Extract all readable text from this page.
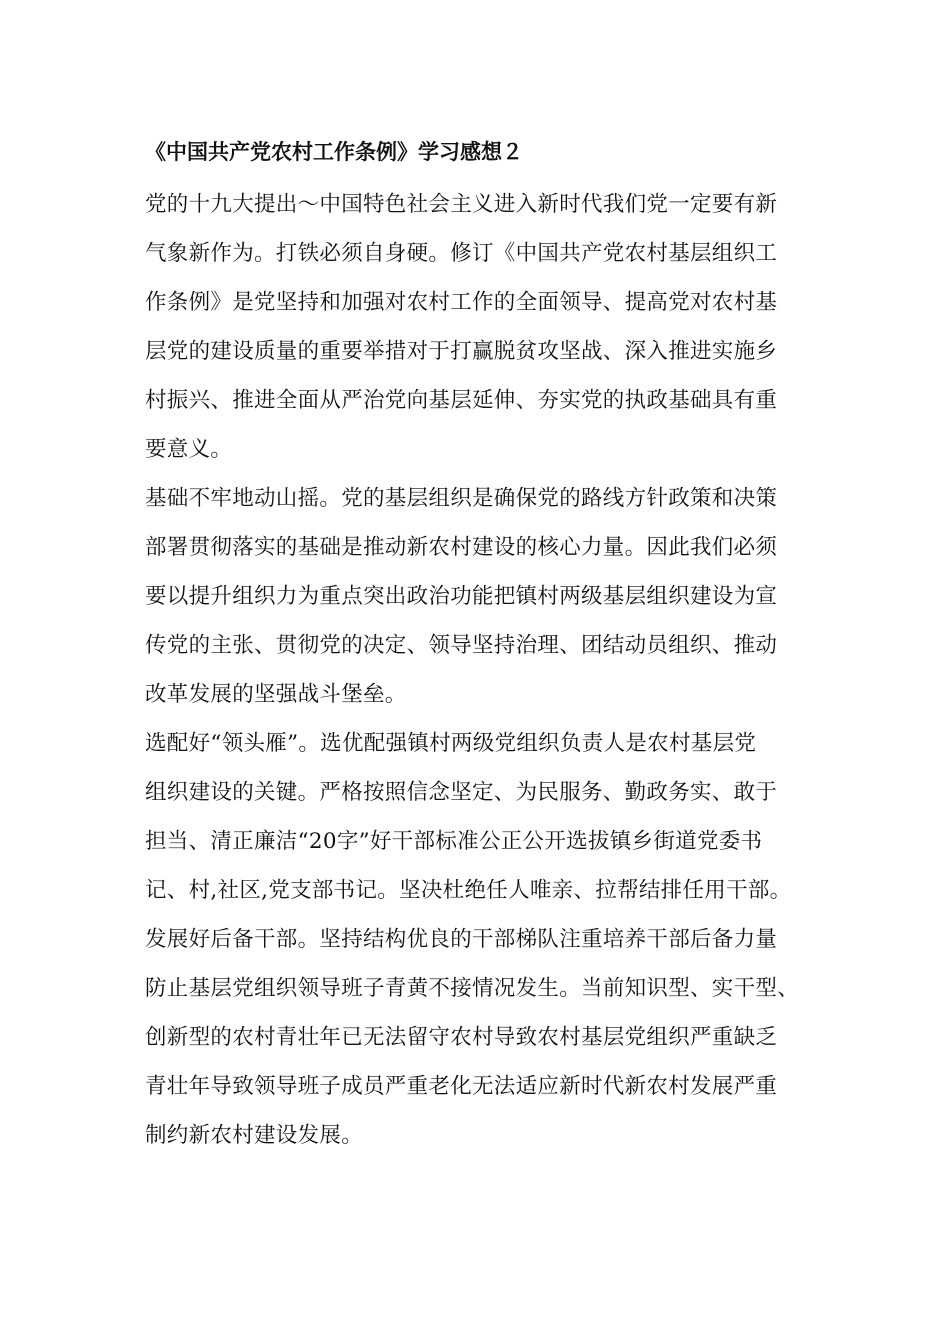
《中国共产党农村工作条例》学习感想２

党的十九大提出～中国特色社会主义进入新时代我们党一定要有新
气象新作为。打铁必须自身硬。修订《中国共产党农村基层组织工
作条例》是党坚持和加强对农村工作的全面领导、提高党对农村基
层党的建设质量的重要举措对于打赢脱贫攻坚战、深入推进实施乡
村振兴、推进全面从严治党向基层延伸、夯实党的执政基础具有重
要意义。

基础不牢地动山摇。党的基层组织是确保党的路线方针政策和决策
部署贯彻落实的基础是推动新农村建设的核心力量。因此我们必须
要以提升组织力为重点突出政治功能把镇村两级基层组织建设为宣
传党的主张、贯彻党的决定、领导坚持治理、团结动员组织、推动
改革发展的坚强战斗堡垒。

选配好“领头雁”。选优配强镇村两级党组织负责人是农村基层党
组织建设的关键。严格按照信念坚定、为民服务、勤政务实、敢于
担当、清正廉洁“20字”好干部标准公正公开选拔镇乡街道党委书
记、村,社区,党支部书记。坚决杜绝任人唯亲、拉帮结排任用干部。

发展好后备干部。坚持结构优良的干部梯队注重培养干部后备力量
防止基层党组织领导班子青黄不接情况发生。当前知识型、实干型、
创新型的农村青壮年已无法留守农村导致农村基层党组织严重缺乏
青壮年导致领导班子成员严重老化无法适应新时代新农村发展严重
制约新农村建设发展。
